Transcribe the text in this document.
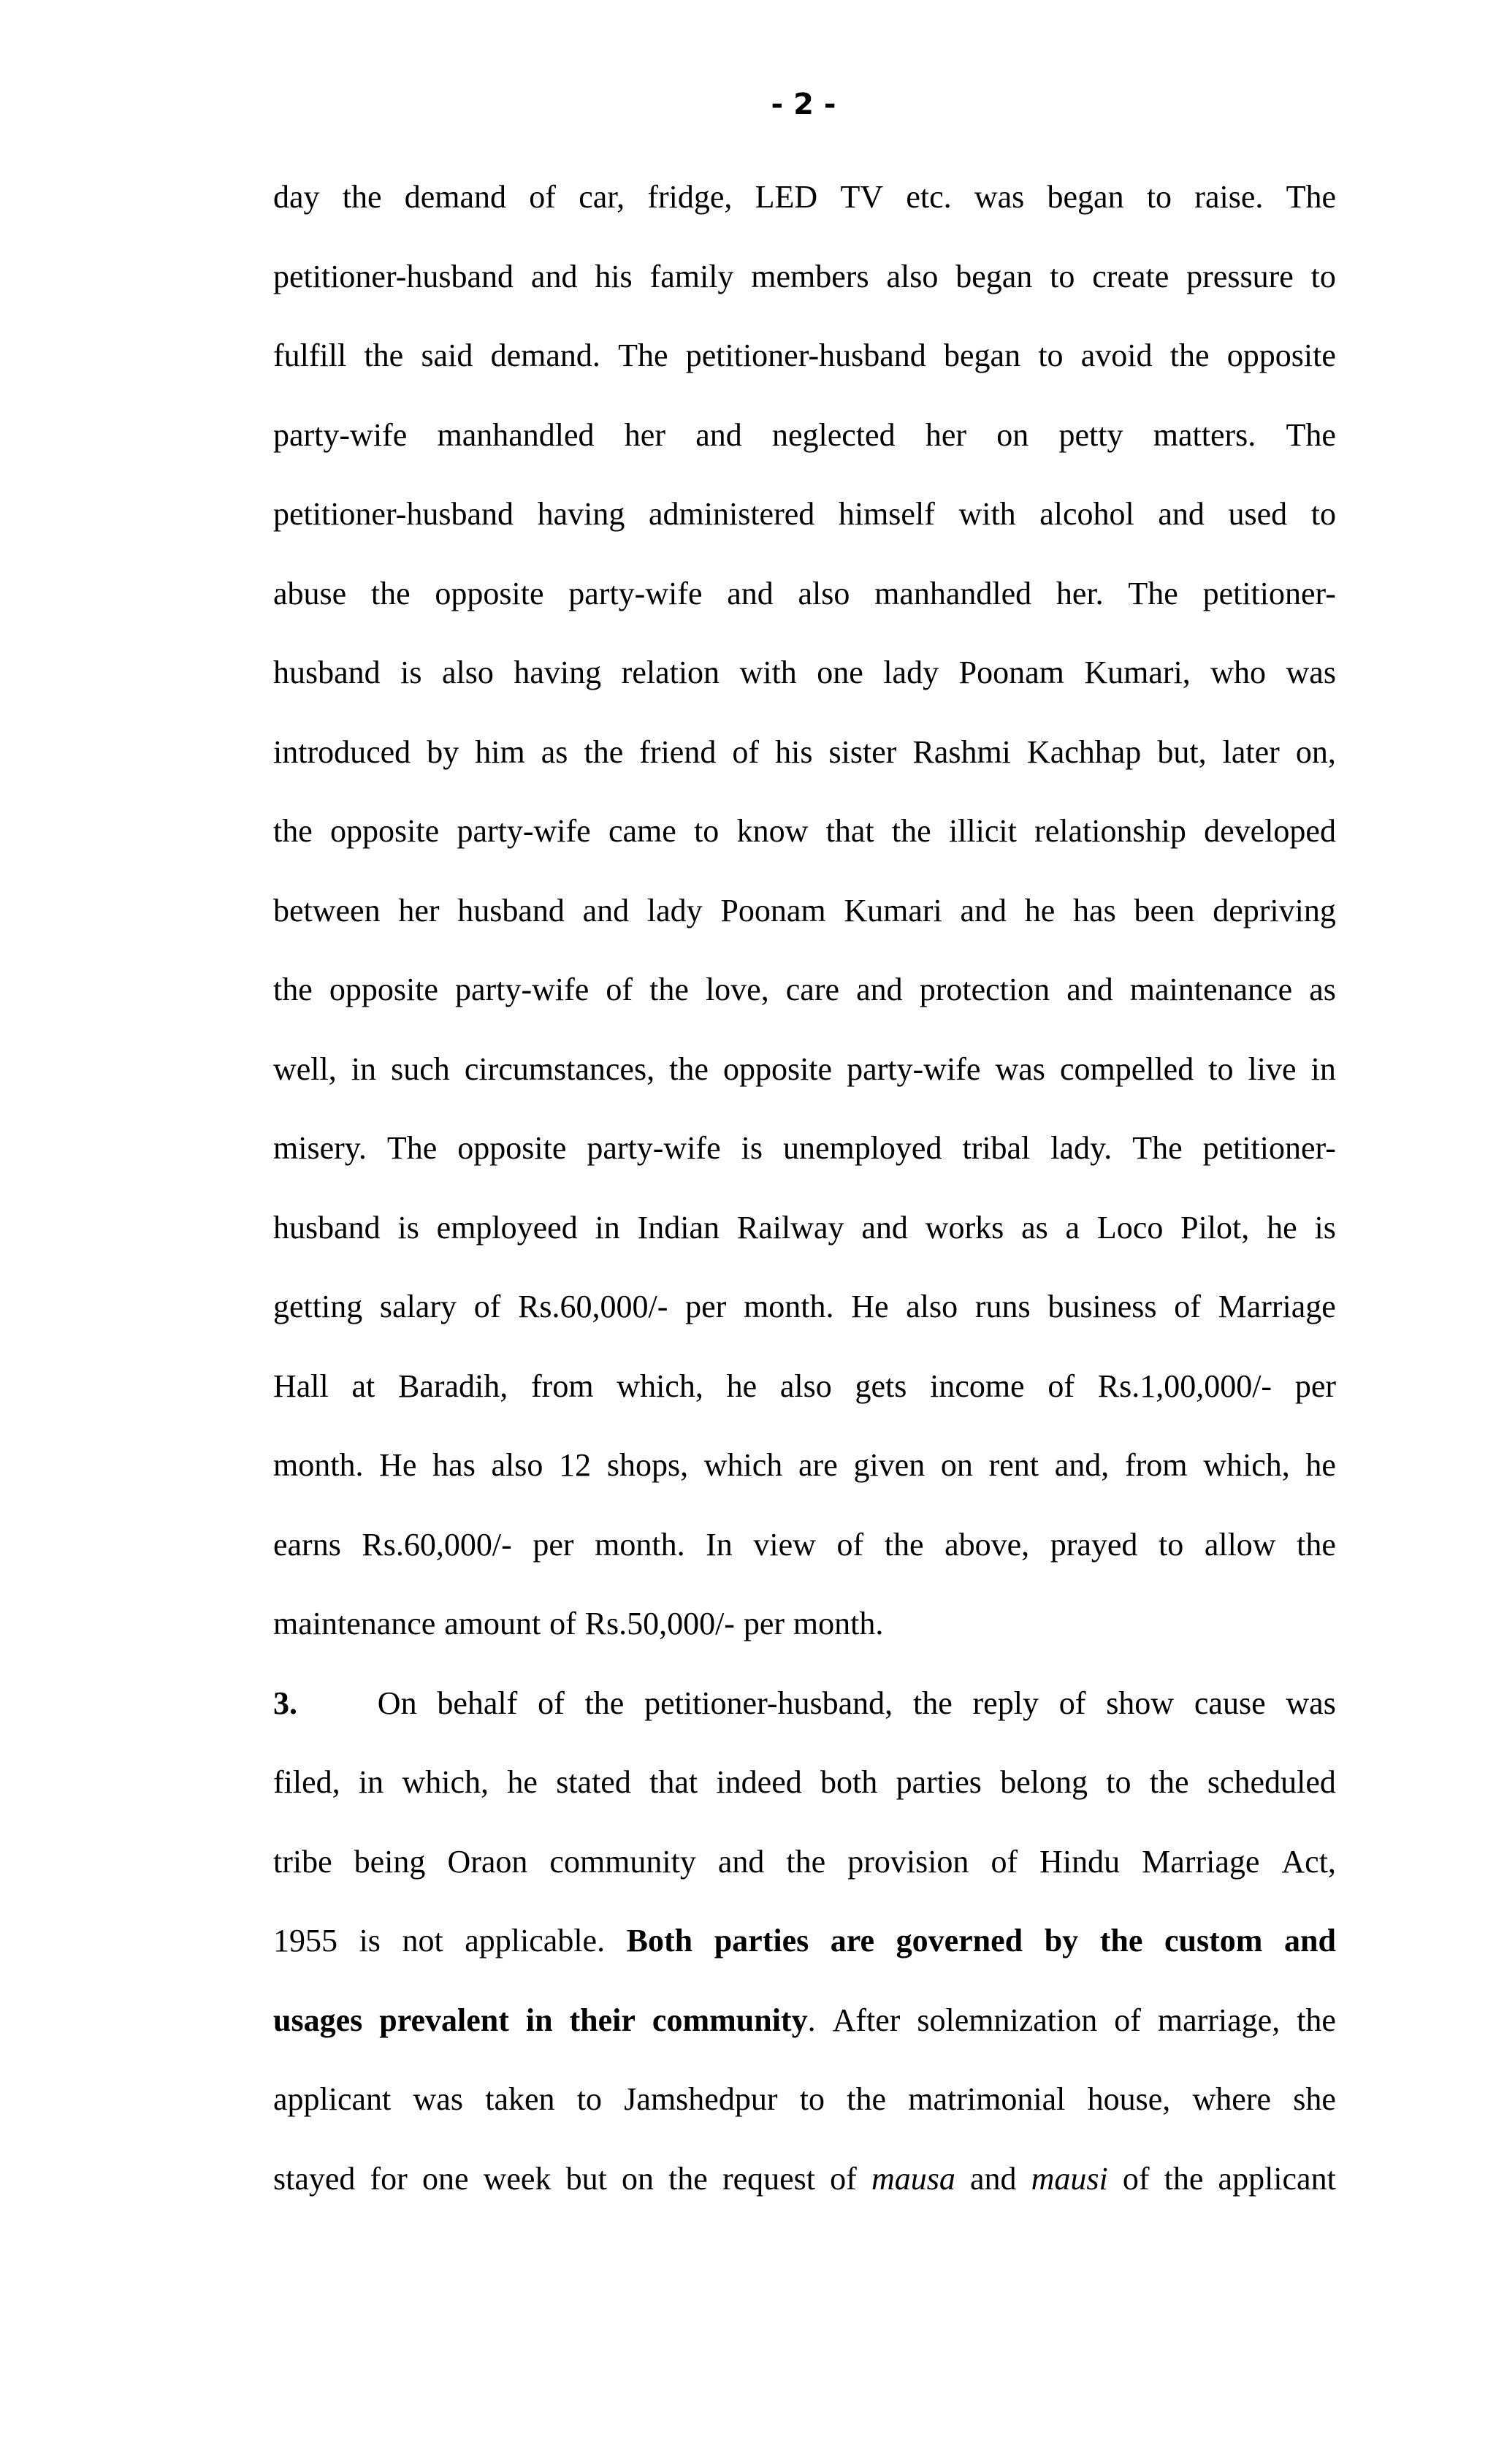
- 2 -
day the demand of car, fridge, LED TV etc. was began to raise. The
petitioner-husband and his family members also began to create pressure to
fulfill the said demand. The petitioner-husband began to avoid the opposite
party-wife manhandled her and neglected her on petty matters. The
petitioner-husband having administered himself with alcohol and used to
abuse the opposite party-wife and also manhandled her. The petitioner-
husband is also having relation with one lady Poonam Kumari, who was
introduced by him as the friend of his sister Rashmi Kachhap but, later on,
the opposite party-wife came to know that the illicit relationship developed
between her husband and lady Poonam Kumari and he has been depriving
the opposite party-wife of the love, care and protection and maintenance as
well, in such circumstances, the opposite party-wife was compelled to live in
misery. The opposite party-wife is unemployed tribal lady. The petitioner-
husband is employeed in Indian Railway and works as a Loco Pilot, he is
getting salary of Rs.60,000/- per month. He also runs business of Marriage
Hall at Baradih, from which, he also gets income of Rs.1,00,000/- per
month. He has also 12 shops, which are given on rent and, from which, he
earns Rs.60,000/- per month. In view of the above, prayed to allow the
maintenance amount of Rs.50,000/- per month.
3. On behalf of the petitioner-husband, the reply of show cause was
filed, in which, he stated that indeed both parties belong to the scheduled
tribe being Oraon community and the provision of Hindu Marriage Act,
1955 is not applicable. Both parties are governed by the custom and
usages prevalent in their community. After solemnization of marriage, the
applicant was taken to Jamshedpur to the matrimonial house, where she
stayed for one week but on the request of mausa and mausi of the applicant
